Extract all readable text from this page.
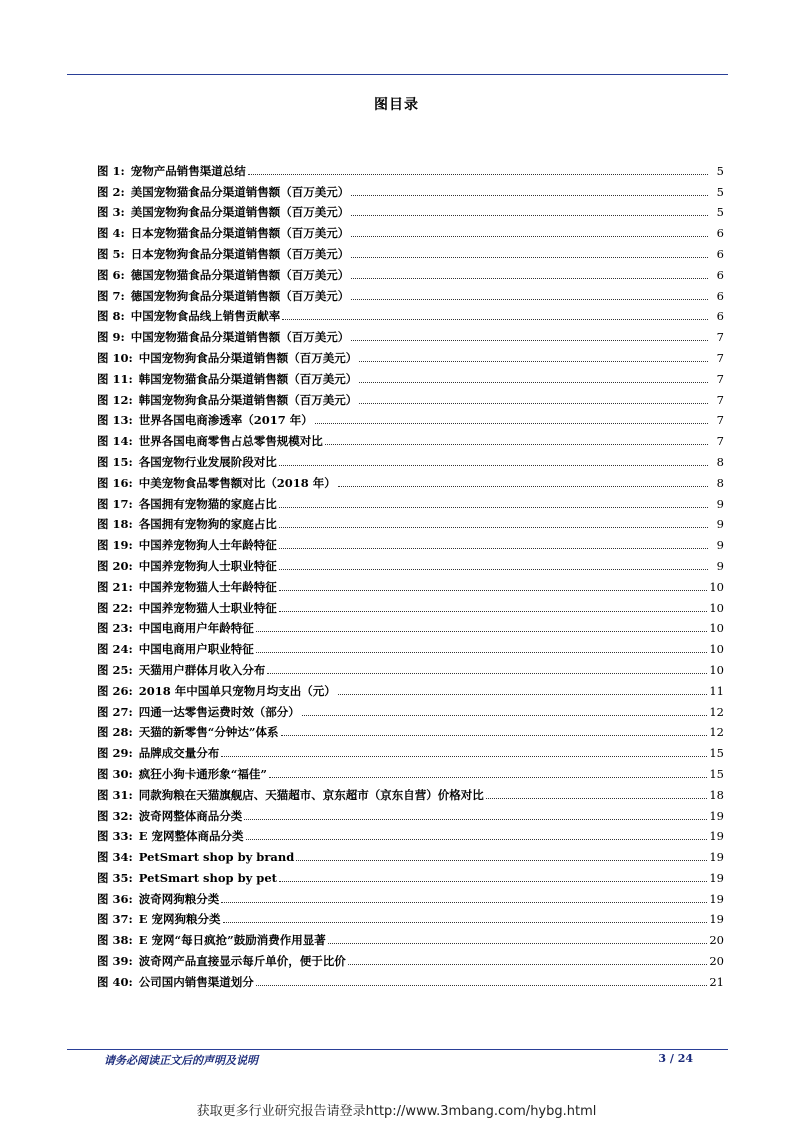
图目录
图 1: 宠物产品销售渠道总结	5
图 2: 美国宠物猫食品分渠道销售额（百万美元）	5
图 3: 美国宠物狗食品分渠道销售额（百万美元）	5
图 4: 日本宠物猫食品分渠道销售额（百万美元）	6
图 5: 日本宠物狗食品分渠道销售额（百万美元）	6
图 6: 德国宠物猫食品分渠道销售额（百万美元）	6
图 7: 德国宠物狗食品分渠道销售额（百万美元）	6
图 8: 中国宠物食品线上销售贡献率	6
图 9: 中国宠物猫食品分渠道销售额（百万美元）	7
图 10: 中国宠物狗食品分渠道销售额（百万美元）	7
图 11: 韩国宠物猫食品分渠道销售额（百万美元）	7
图 12: 韩国宠物狗食品分渠道销售额（百万美元）	7
图 13: 世界各国电商渗透率（2017 年）	7
图 14: 世界各国电商零售占总零售规模对比	7
图 15: 各国宠物行业发展阶段对比	8
图 16: 中美宠物食品零售额对比（2018 年）	8
图 17: 各国拥有宠物猫的家庭占比	9
图 18: 各国拥有宠物狗的家庭占比	9
图 19: 中国养宠物狗人士年龄特征	9
图 20: 中国养宠物狗人士职业特征	9
图 21: 中国养宠物猫人士年龄特征	10
图 22: 中国养宠物猫人士职业特征	10
图 23: 中国电商用户年龄特征	10
图 24: 中国电商用户职业特征	10
图 25: 天猫用户群体月收入分布	10
图 26: 2018 年中国单只宠物月均支出（元）	11
图 27: 四通一达零售运费时效（部分）	12
图 28: 天猫的新零售“分钟达”体系	12
图 29: 品牌成交量分布	15
图 30: 疯狂小狗卡通形象“福佳”	15
图 31: 同款狗粮在天猫旗舰店、天猫超市、京东超市（京东自营）价格对比	18
图 32: 波奇网整体商品分类	19
图 33: E 宠网整体商品分类	19
图 34: PetSmart shop by brand	19
图 35: PetSmart shop by pet	19
图 36: 波奇网狗粮分类	19
图 37: E 宠网狗粮分类	19
图 38: E 宠网“每日疯抢”鼓励消费作用显著	20
图 39: 波奇网产品直接显示每斤单价，便于比价	20
图 40: 公司国内销售渠道划分	21
请务必阅读正文后的声明及说明	3 / 24
获取更多行业研究报告请登录http://www.3mbang.com/hybg.html
